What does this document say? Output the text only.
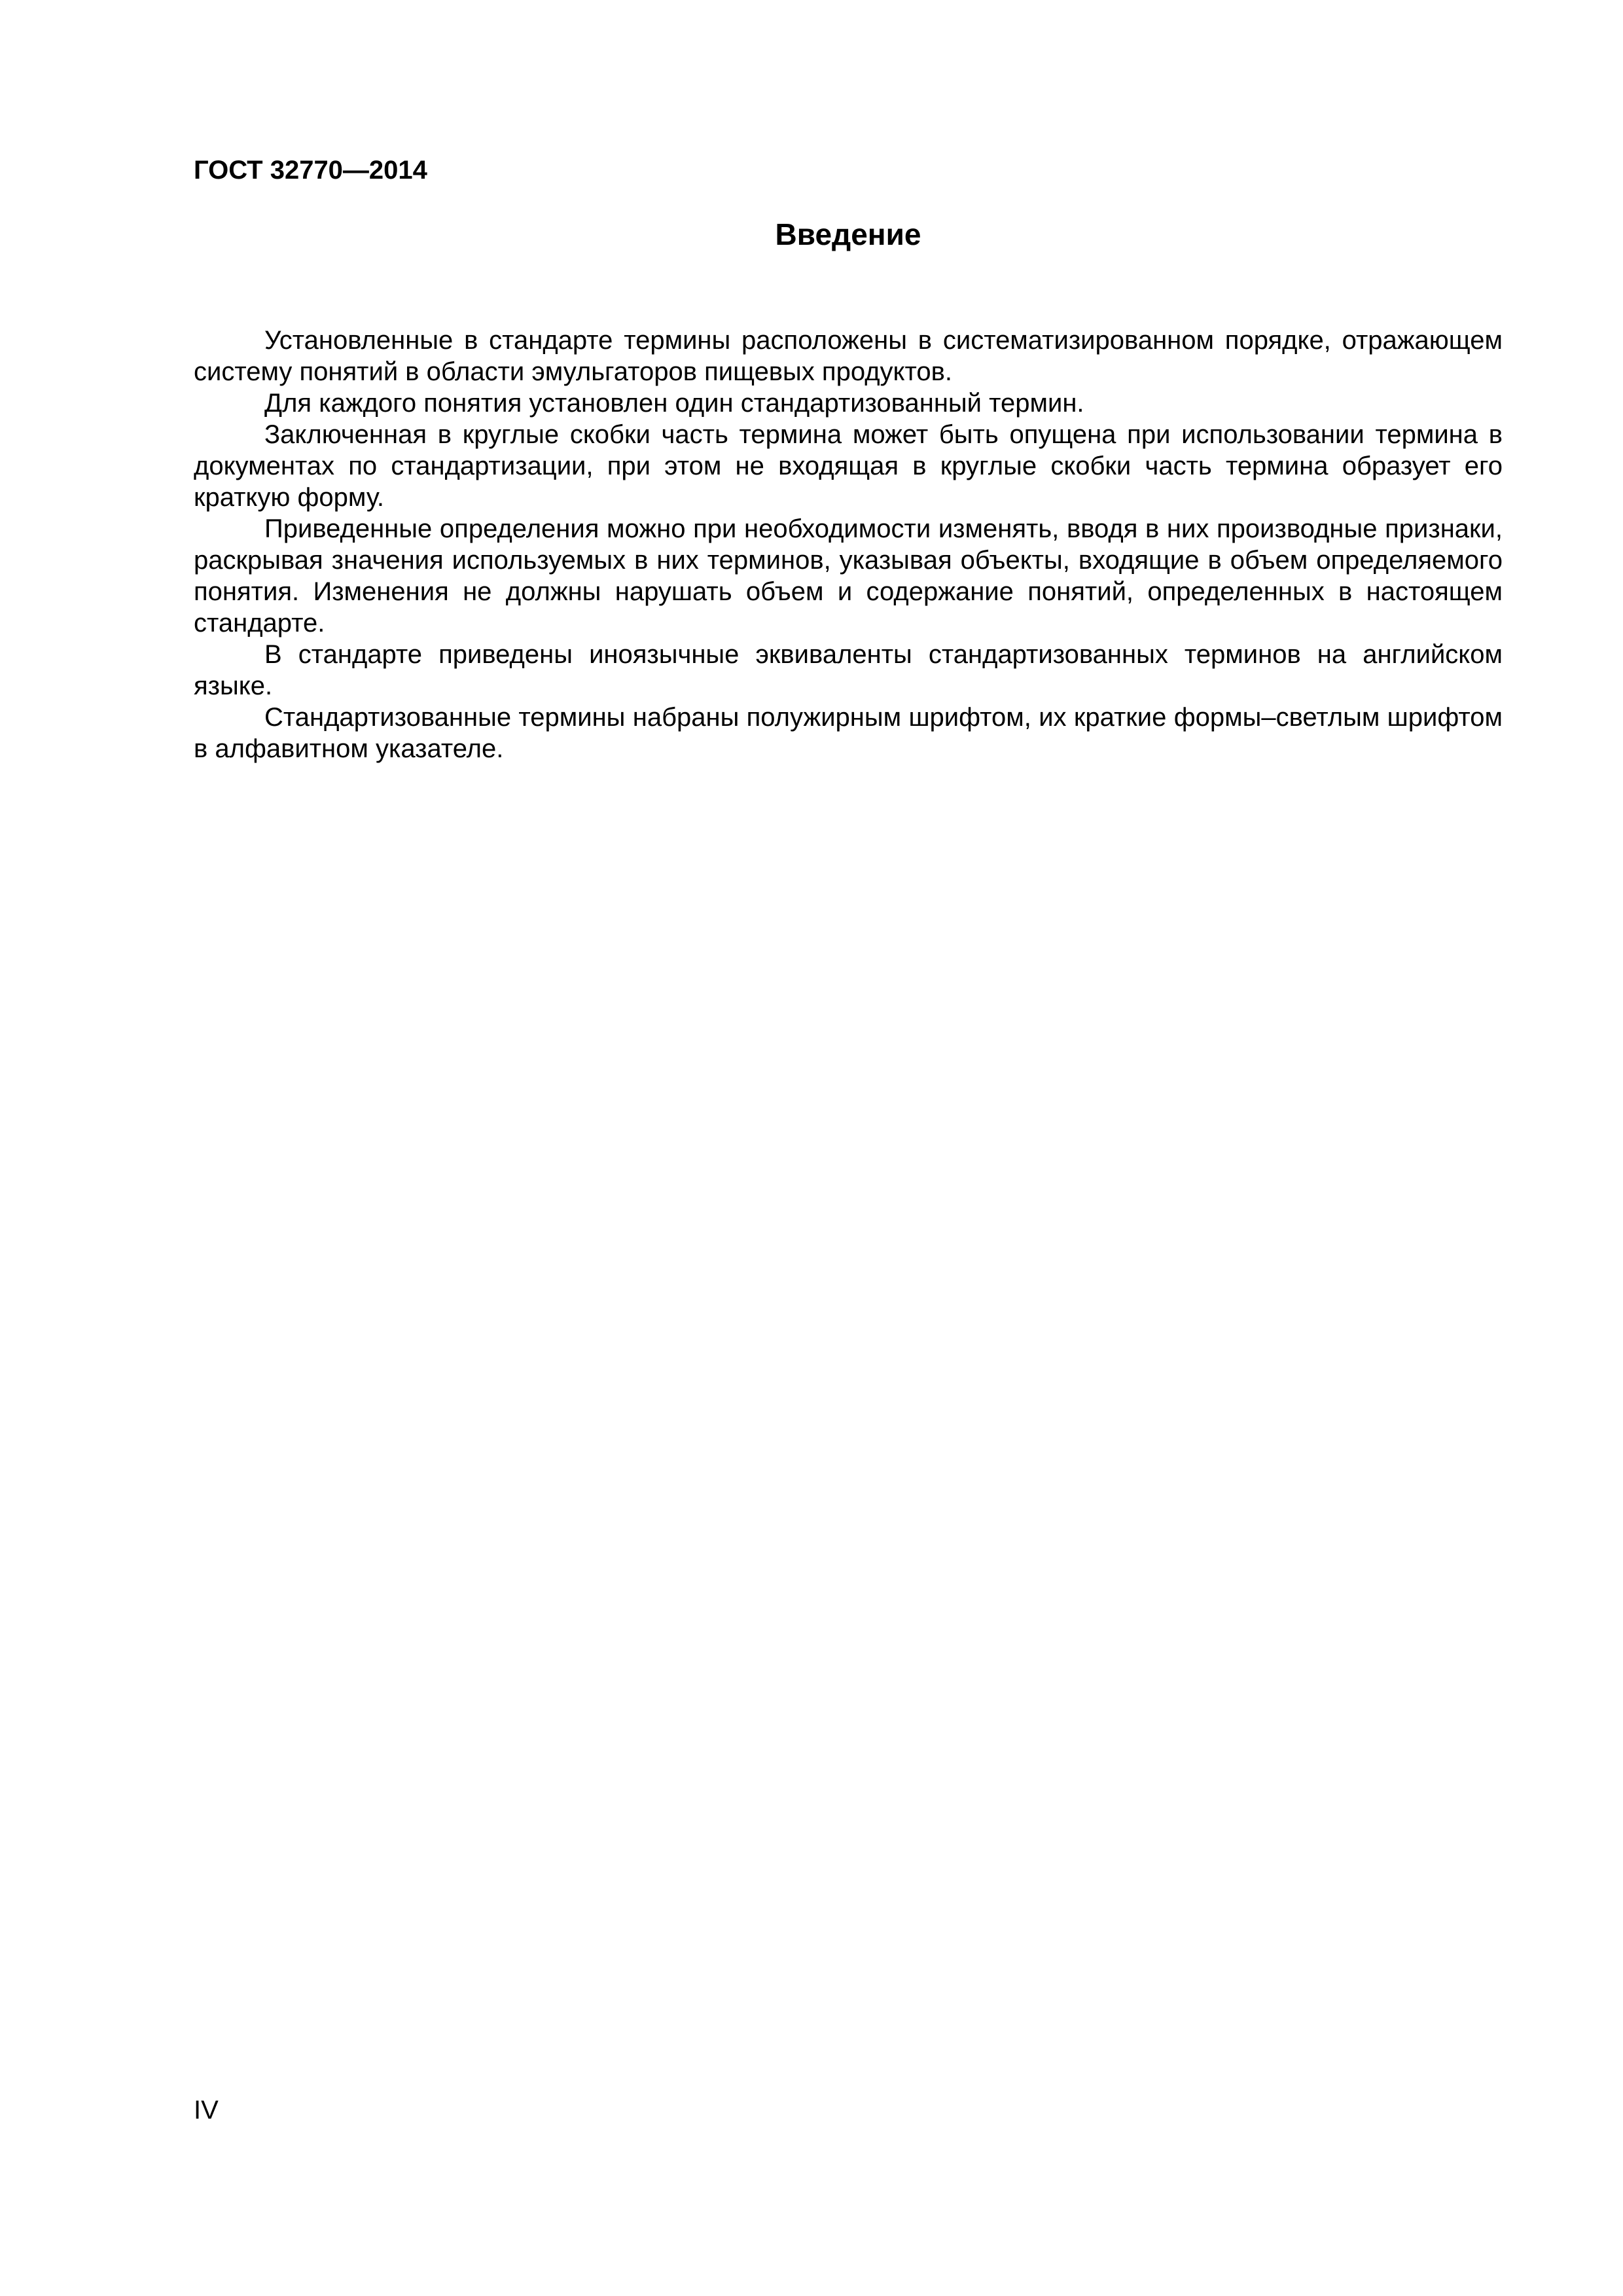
ГОСТ 32770—2014
Введение

Установленные в стандарте термины расположены в систематизированном порядке, отражающем систему понятий в области эмульгаторов пищевых продуктов.

Для каждого понятия установлен один стандартизованный термин.

Заключенная в круглые скобки часть термина может быть опущена при использовании термина в документах по стандартизации, при этом не входящая в круглые скобки часть термина образует его краткую форму.

Приведенные определения можно при необходимости изменять, вводя в них производные признаки, раскрывая значения используемых в них терминов, указывая объекты, входящие в объем определяемого понятия. Изменения не должны нарушать объем и содержание понятий, определенных в настоящем стандарте.

В стандарте приведены иноязычные эквиваленты стандартизованных терминов на английском языке.

Стандартизованные термины набраны полужирным шрифтом, их краткие формы–светлым шрифтом в алфавитном указателе.

IV
